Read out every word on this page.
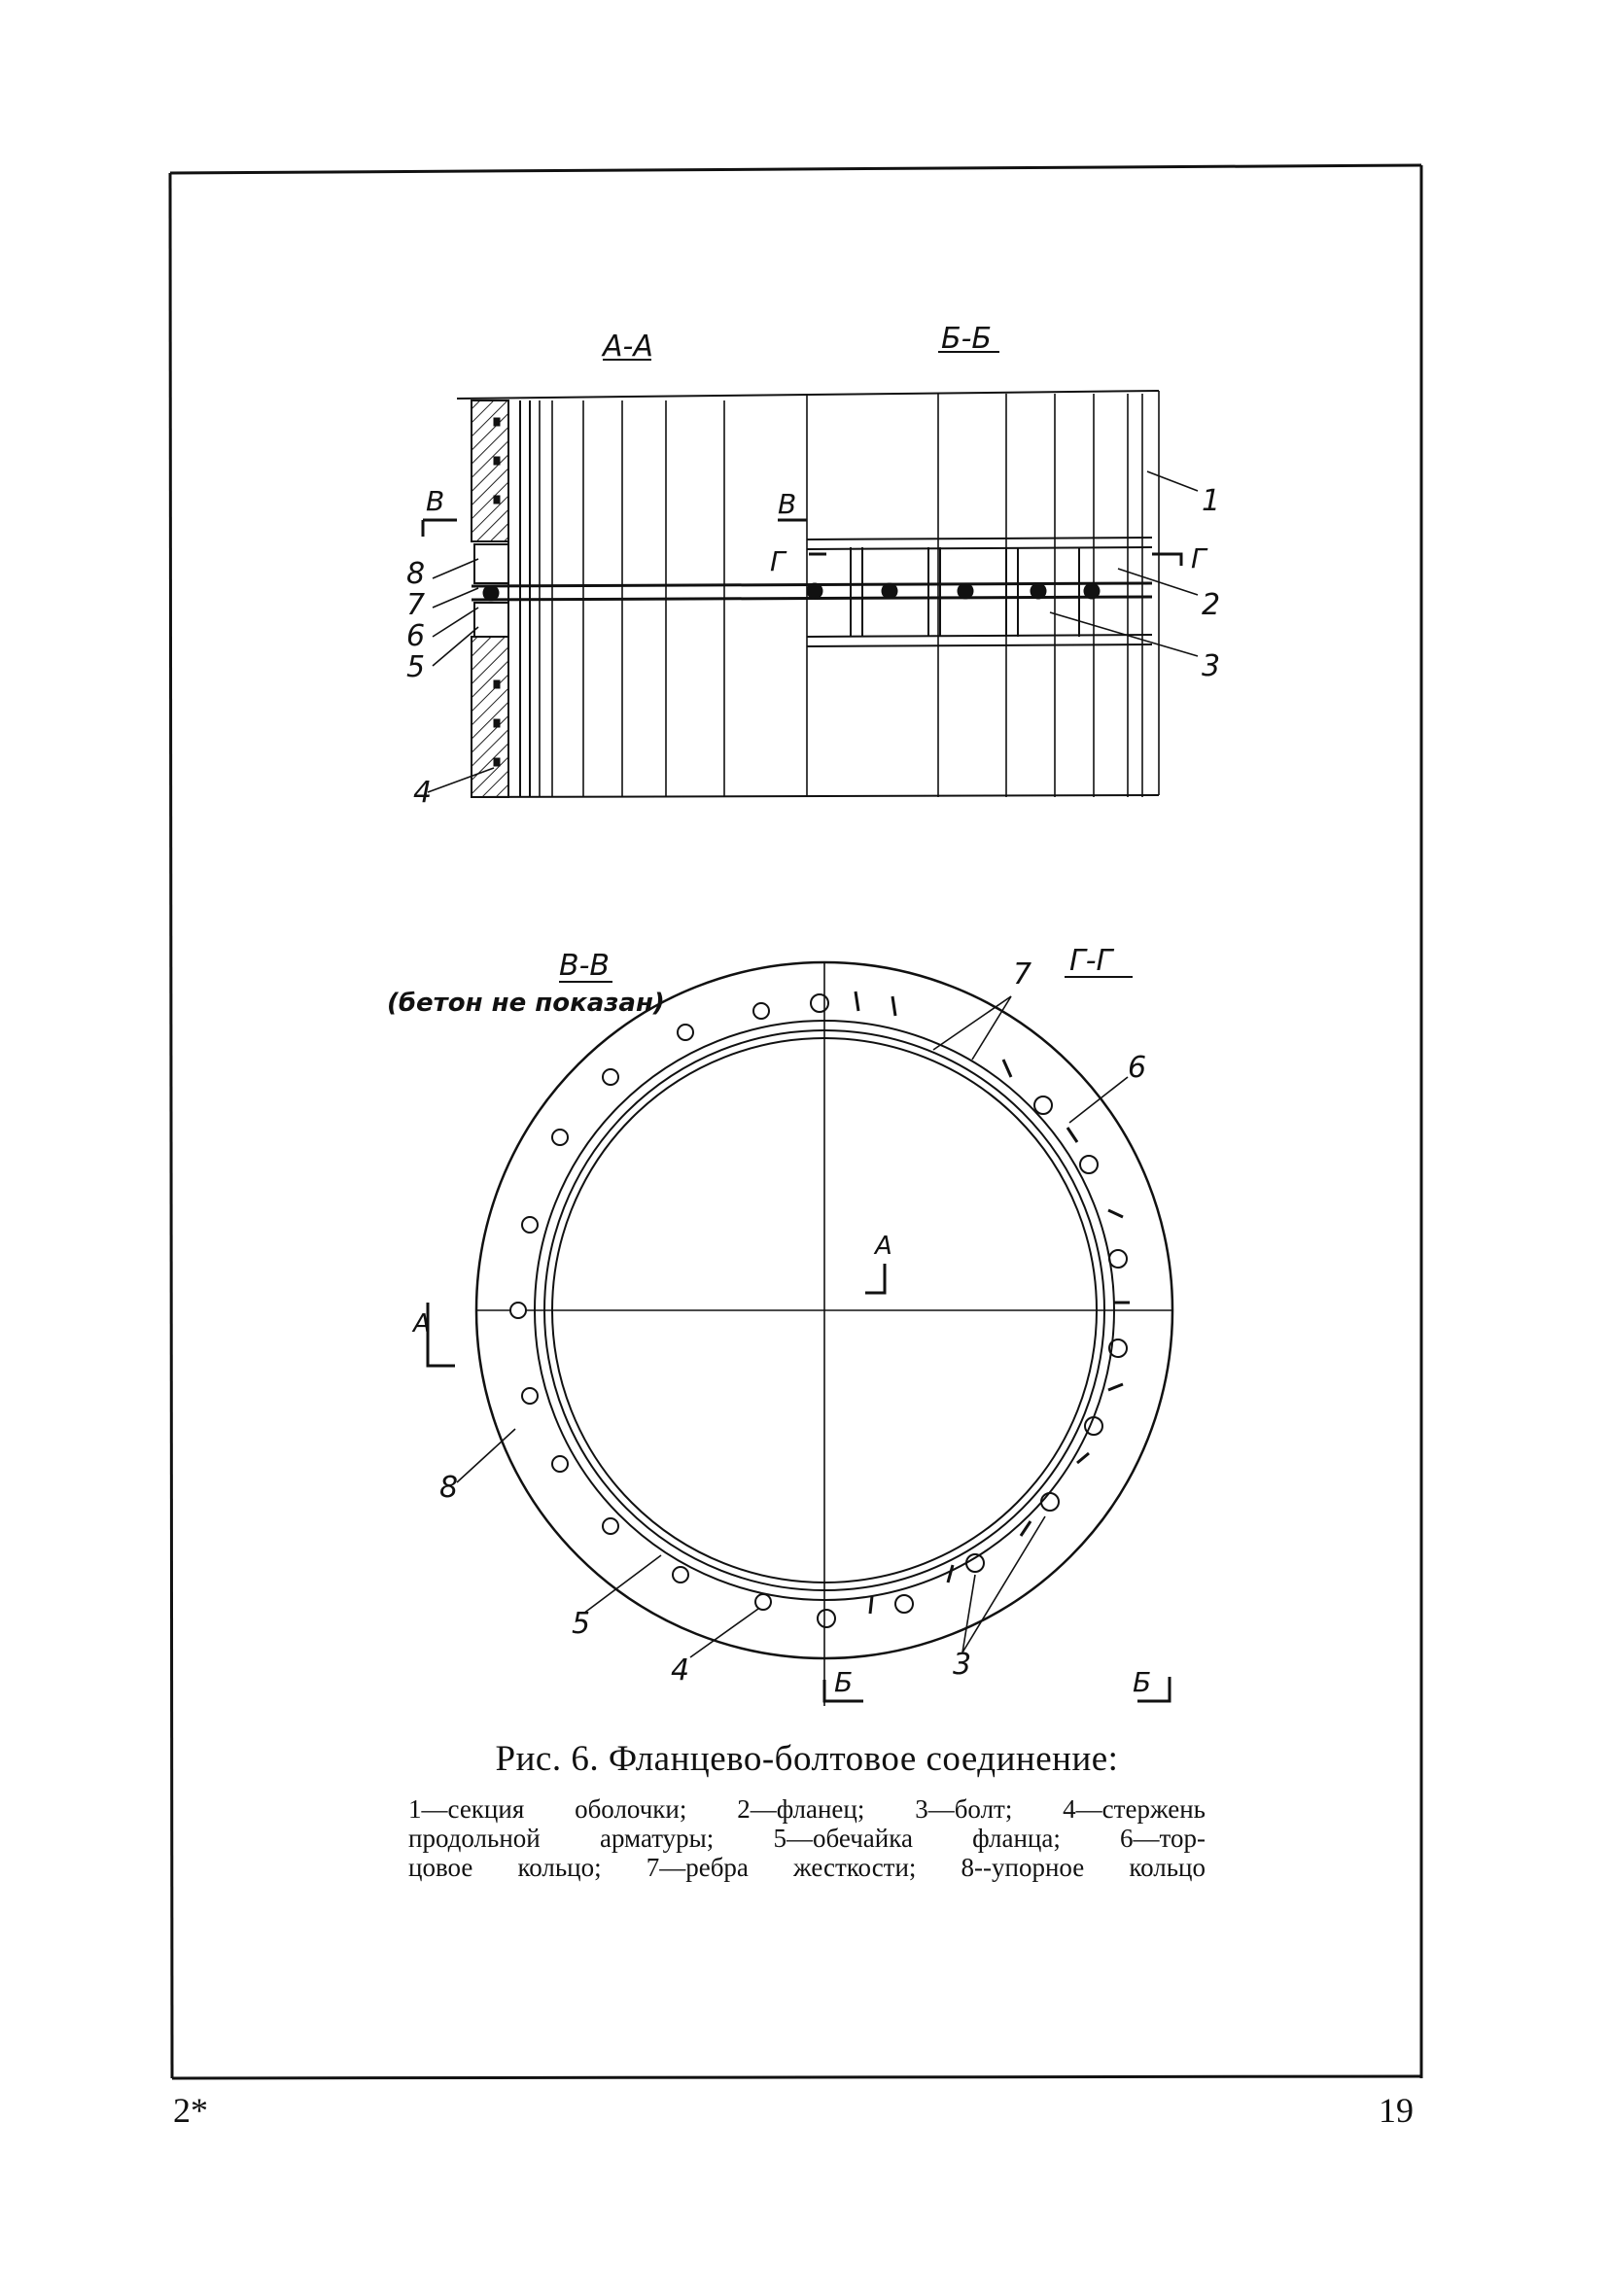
А-А	Б-Б
В	В
Г	Г
1
2
3
8
7
6
5
4
В-В
(бетон не показан)
Г-Г
А
А
Б	Б
7
6
8
5
4	3
Рис. 6. Фланцево-болтовое соединение:
1—секция оболочки; 2—фланец; 3—болт; 4—стержень
продольной арматуры; 5—обечайка фланца; 6—тор-
цовое кольцо; 7—ребра жесткости; 8--упорное кольцо
2*	19
